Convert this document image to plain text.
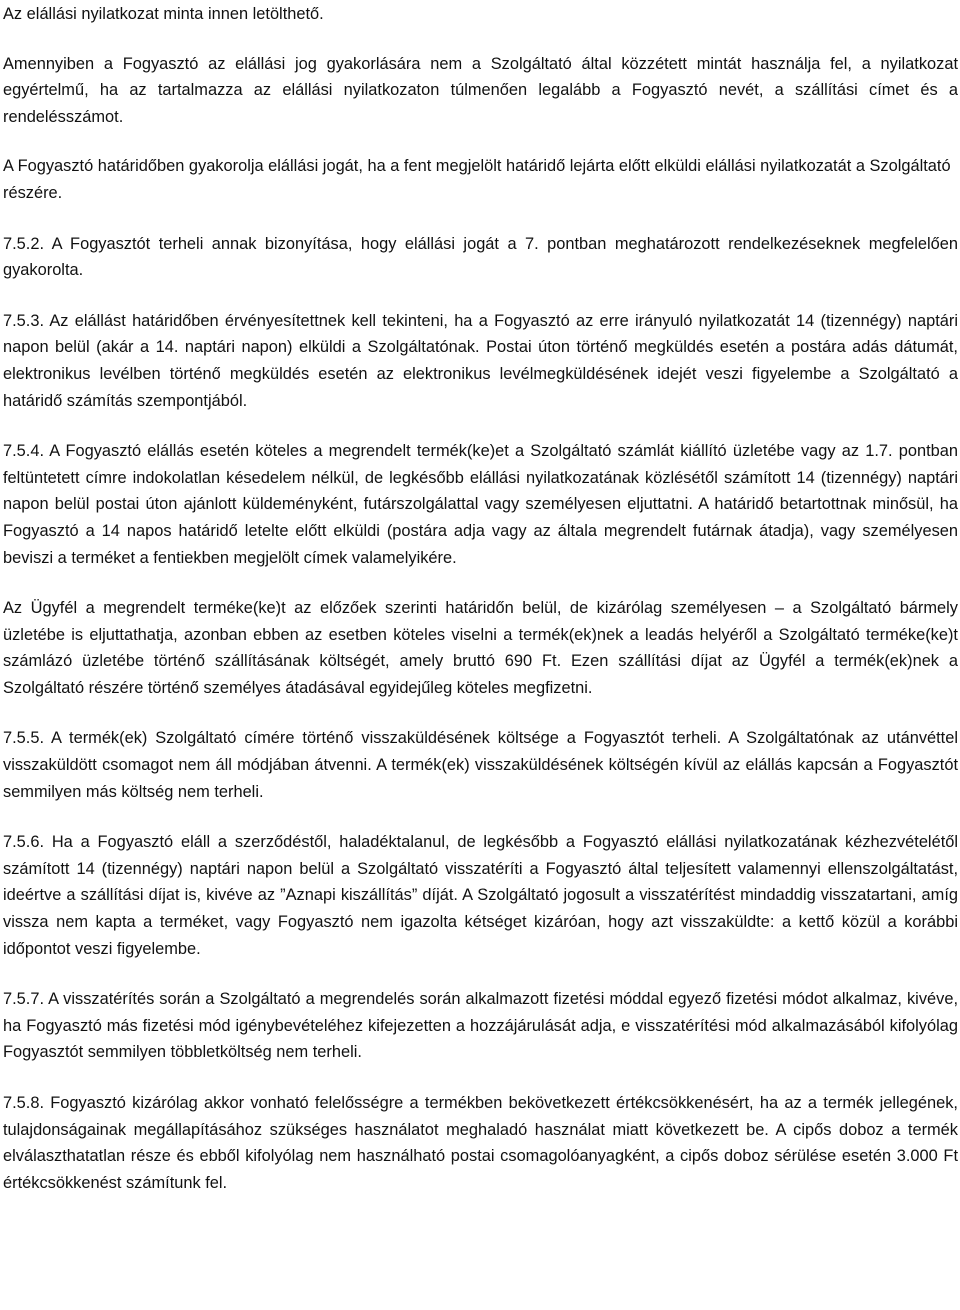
Az elállási nyilatkozat minta innen letölthető.

Amennyiben a Fogyasztó az elállási jog gyakorlására nem a Szolgáltató által közzétett mintát használja fel, a nyilatkozat egyértelmű, ha az tartalmazza az elállási nyilatkozaton túlmenően legalább a Fogyasztó nevét, a szállítási címet és a rendelésszámot.

A Fogyasztó határidőben gyakorolja elállási jogát, ha a fent megjelölt határidő lejárta előtt elküldi elállási nyilatkozatát a Szolgáltató részére.

7.5.2. A Fogyasztót terheli annak bizonyítása, hogy elállási jogát a 7. pontban meghatározott rendelkezéseknek megfelelően gyakorolta.

7.5.3. Az elállást határidőben érvényesítettnek kell tekinteni, ha a Fogyasztó az erre irányuló nyilatkozatát 14 (tizennégy) naptári napon belül (akár a 14. naptári napon) elküldi a Szolgáltatónak. Postai úton történő megküldés esetén a postára adás dátumát, elektronikus levélben történő megküldés esetén az elektronikus levélmegküldésének idejét veszi figyelembe a Szolgáltató a határidő számítás szempontjából.

7.5.4. A Fogyasztó elállás esetén köteles a megrendelt termék(ke)et a Szolgáltató számlát kiállító üzletébe vagy az 1.7. pontban feltüntetett címre indokolatlan késedelem nélkül, de legkésőbb elállási nyilatkozatának közlésétől számított 14 (tizennégy) naptári napon belül postai úton ajánlott küldeményként, futárszolgálattal vagy személyesen eljuttatni. A határidő betartottnak minősül, ha Fogyasztó a 14 napos határidő letelte előtt elküldi (postára adja vagy az általa megrendelt futárnak átadja), vagy személyesen beviszi a terméket a fentiekben megjelölt címek valamelyikére.

Az Ügyfél a megrendelt terméke(ke)t az előzőek szerinti határidőn belül, de kizárólag személyesen – a Szolgáltató bármely üzletébe is eljuttathatja, azonban ebben az esetben köteles viselni a termék(ek)nek a leadás helyéről a Szolgáltató terméke(ke)t számlázó üzletébe történő szállításának költségét, amely bruttó 690 Ft. Ezen szállítási díjat az Ügyfél a termék(ek)nek a Szolgáltató részére történő személyes átadásával egyidejűleg köteles megfizetni.

7.5.5. A termék(ek) Szolgáltató címére történő visszaküldésének költsége a Fogyasztót terheli. A Szolgáltatónak az utánvéttel visszaküldött csomagot nem áll módjában átvenni. A termék(ek) visszaküldésének költségén kívül az elállás kapcsán a Fogyasztót semmilyen más költség nem terheli.

7.5.6. Ha a Fogyasztó eláll a szerződéstől, haladéktalanul, de legkésőbb a Fogyasztó elállási nyilatkozatának kézhezvételétől számított 14 (tizennégy) naptári napon belül a Szolgáltató visszatéríti a Fogyasztó által teljesített valamennyi ellenszolgáltatást, ideértve a szállítási díjat is, kivéve az ”Aznapi kiszállítás” díját. A Szolgáltató jogosult a visszatérítést mindaddig visszatartani, amíg vissza nem kapta a terméket, vagy Fogyasztó nem igazolta kétséget kizáróan, hogy azt visszaküldte: a kettő közül a korábbi időpontot veszi figyelembe.

7.5.7. A visszatérítés során a Szolgáltató a megrendelés során alkalmazott fizetési móddal egyező fizetési módot alkalmaz, kivéve, ha Fogyasztó más fizetési mód igénybevételéhez kifejezetten a hozzájárulását adja, e visszatérítési mód alkalmazásából kifolyólag Fogyasztót semmilyen többletköltség nem terheli.

7.5.8. Fogyasztó kizárólag akkor vonható felelősségre a termékben bekövetkezett értékcsökkenésért, ha az a termék jellegének, tulajdonságainak megállapításához szükséges használatot meghaladó használat miatt következett be. A cipős doboz a termék elválaszthatatlan része és ebből kifolyólag nem használható postai csomagolóanyagként, a cipős doboz sérülése esetén 3.000 Ft értékcsökkenést számítunk fel.
